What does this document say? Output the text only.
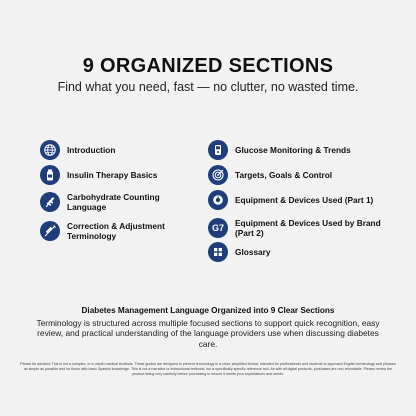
9 ORGANIZED SECTIONS
Find what you need, fast — no clutter, no wasted time.
Introduction
Insulin Therapy Basics
Carbohydrate Counting
Language
Correction & Adjustment
Terminology
Glucose Monitoring & Trends
Targets, Goals & Control
Equipment & Devices Used (Part 1)
G7 Equipment & Devices Used by Brand
(Part 2)
Glossary
Diabetes Management Language Organized into 9 Clear Sections
Terminology is structured across multiple focused sections to support quick recognition, easy review, and practical understanding of the language providers use when discussing diabetes care.
Please be advised: This is not a complex, or in-depth medical textbook. These guides are designed to present terminology in a clear, simplified format, intended for professionals and students to approach English terminology and phrases as simple as possible and for those with basic Spanish knowledge. This is not a narrative or instructional textbook, but a specifically specific reference tool. As with all digital products, purchases are non-refundable. Please review the product listing very carefully before purchasing to ensure it meets your expectations and needs.
